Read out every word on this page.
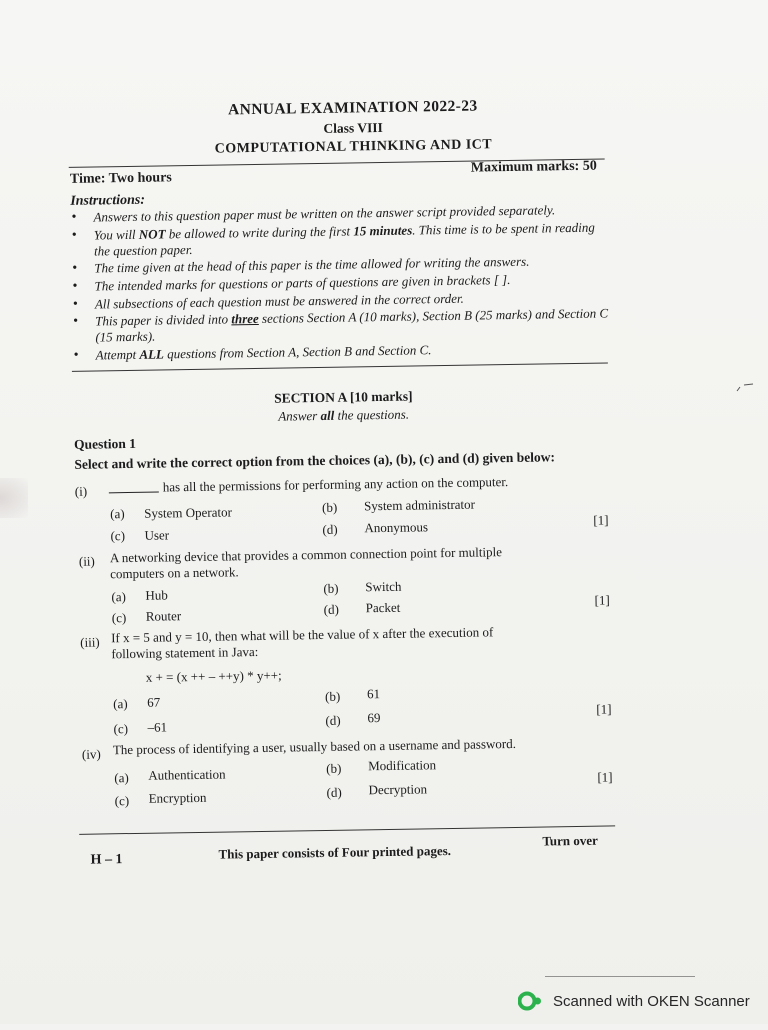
ANNUAL EXAMINATION 2022-23
Class VIII
COMPUTATIONAL THINKING AND ICT
Time: Two hours
Maximum marks: 50
Instructions:
• Answers to this question paper must be written on the answer script provided separately.
• You will NOT be allowed to write during the first 15 minutes. This time is to be spent in reading the question paper.
• The time given at the head of this paper is the time allowed for writing the answers.
• The intended marks for questions or parts of questions are given in brackets [ ].
• All subsections of each question must be answered in the correct order.
• This paper is divided into three sections Section A (10 marks), Section B (25 marks) and Section C (15 marks).
• Attempt ALL questions from Section A, Section B and Section C.
SECTION A [10 marks]
Answer all the questions.
Question 1
Select and write the correct option from the choices (a), (b), (c) and (d) given below:
(i)	has all the permissions for performing any action on the computer.
(a) System Operator	(b) System administrator
(c) User	(d) Anonymous	[1]
(ii) A networking device that provides a common connection point for multiple
computers on a network.
(a) Hub	(b) Switch
(c) Router	(d) Packet	[1]
(iii) If x = 5 and y = 10, then what will be the value of x after the execution of
following statement in Java:
x + = (x ++ – ++y) * y++;
(a) 67	(b) 61
(c) –61	(d) 69
[1]
(iv) The process of identifying a user, usually based on a username and password.
(a) Authentication	(b) Modification
(c) Encryption	(d) Decryption
[1]
H – 1	This paper consists of Four printed pages.
Turn over
Scanned with OKEN Scanner
